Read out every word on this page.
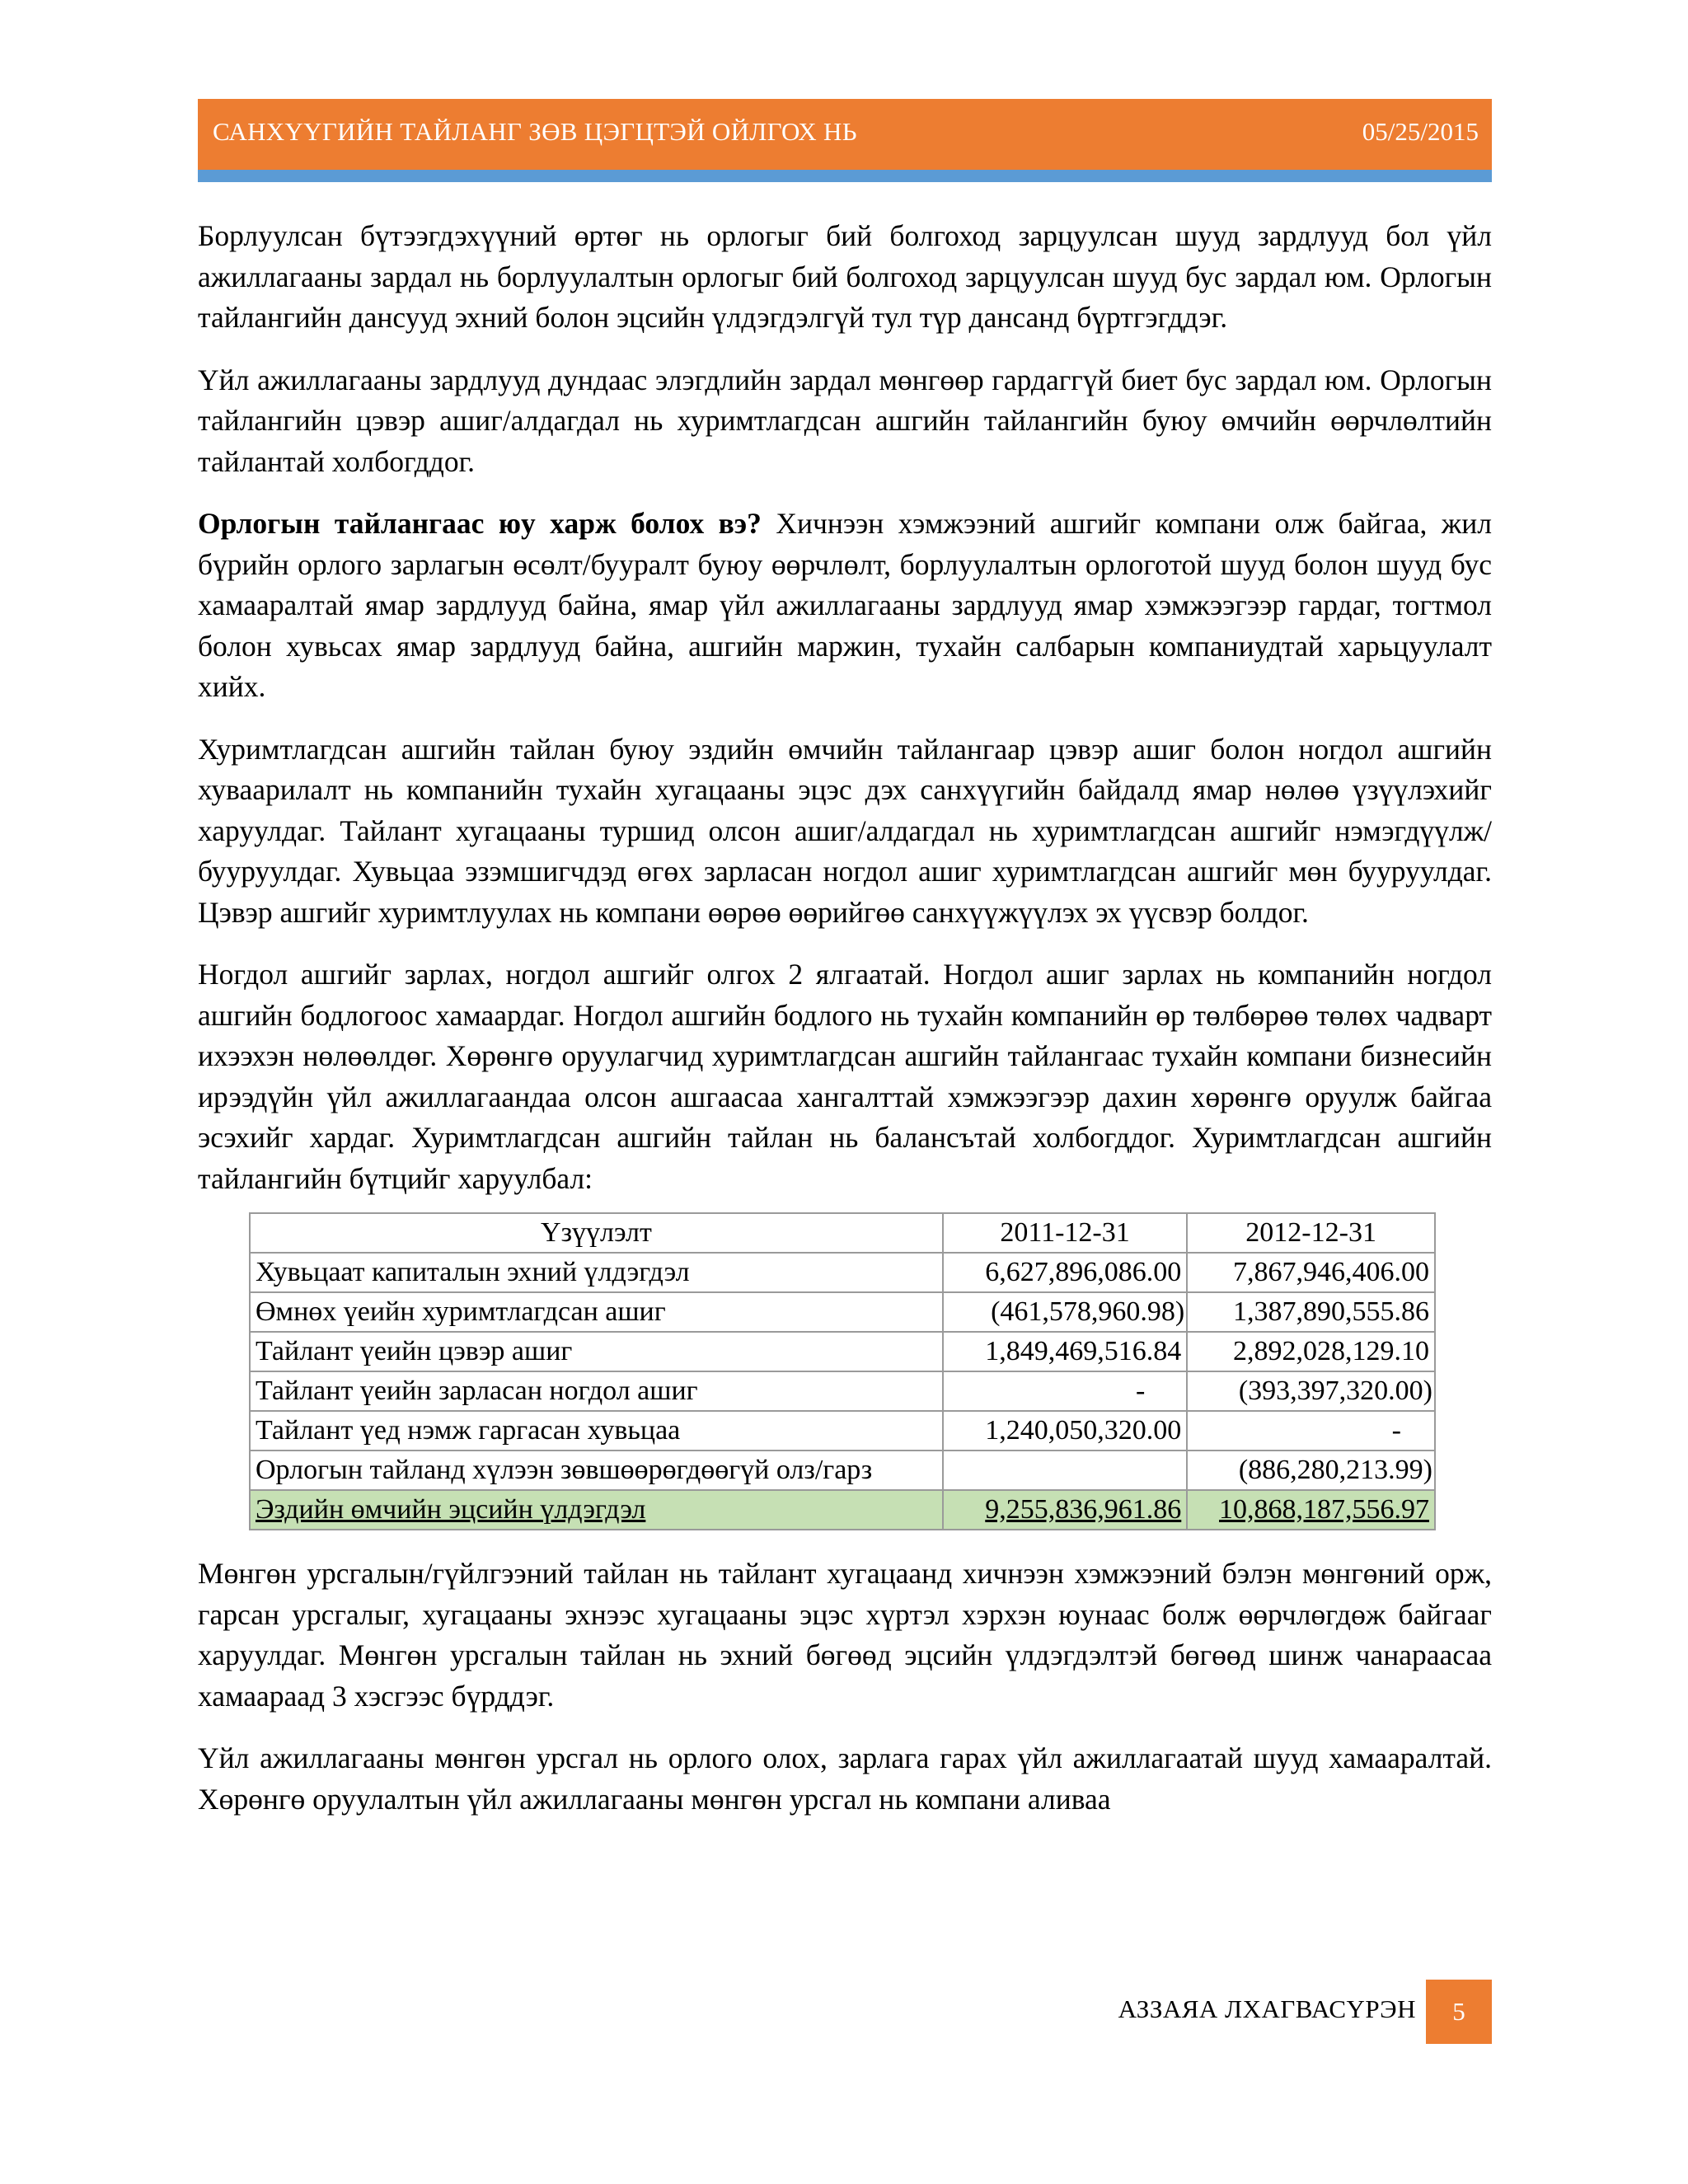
САНХҮҮГИЙН ТАЙЛАНГ ЗӨВ ЦЭГЦТЭЙ ОЙЛГОХ НЬ	05/25/2015

Борлуулсан бүтээгдэхүүний өртөг нь орлогыг бий болгоход зарцуулсан шууд зардлууд бол үйл ажиллагааны зардал нь борлуулалтын орлогыг бий болгоход зарцуулсан шууд бус зардал юм. Орлогын тайлангийн дансууд эхний болон эцсийн үлдэгдэлгүй тул түр дансанд бүртгэгддэг.

Үйл ажиллагааны зардлууд дундаас элэгдлийн зардал мөнгөөр гардаггүй биет бус зардал юм. Орлогын тайлангийн цэвэр ашиг/алдагдал нь хуримтлагдсан ашгийн тайлангийн буюу өмчийн өөрчлөлтийн тайлантай холбогддог.

Орлогын тайлангаас юу харж болох вэ? Хичнээн хэмжээний ашгийг компани олж байгаа, жил бүрийн орлого зарлагын өсөлт/бууралт буюу өөрчлөлт, борлуулалтын орлоготой шууд болон шууд бус хамааралтай ямар зардлууд байна, ямар үйл ажиллагааны зардлууд ямар хэмжээгээр гардаг, тогтмол болон хувьсах ямар зардлууд байна, ашгийн маржин, тухайн салбарын компаниудтай харьцуулалт хийх.

Хуримтлагдсан ашгийн тайлан буюу эздийн өмчийн тайлангаар цэвэр ашиг болон ногдол ашгийн хуваарилалт нь компанийн тухайн хугацааны эцэс дэх санхүүгийн байдалд ямар нөлөө үзүүлэхийг харуулдаг. Тайлант хугацааны туршид олсон ашиг/алдагдал нь хуримтлагдсан ашгийг нэмэгдүүлж/бууруулдаг. Хувьцаа эзэмшигчдэд өгөх зарласан ногдол ашиг хуримтлагдсан ашгийг мөн бууруулдаг. Цэвэр ашгийг хуримтлуулах нь компани өөрөө өөрийгөө санхүүжүүлэх эх үүсвэр болдог.

Ногдол ашгийг зарлах, ногдол ашгийг олгох 2 ялгаатай. Ногдол ашиг зарлах нь компанийн ногдол ашгийн бодлогоос хамаардаг. Ногдол ашгийн бодлого нь тухайн компанийн өр төлбөрөө төлөх чадварт ихээхэн нөлөөлдөг. Хөрөнгө оруулагчид хуримтлагдсан ашгийн тайлангаас тухайн компани бизнесийн ирээдүйн үйл ажиллагаандаа олсон ашгаасаа хангалттай хэмжээгээр дахин хөрөнгө оруулж байгаа эсэхийг хардаг. Хуримтлагдсан ашгийн тайлан нь балансътай холбогддог. Хуримтлагдсан ашгийн тайлангийн бүтцийг харуулбал:

Үзүүлэлт	2011-12-31	2012-12-31
Хувьцаат капиталын эхний үлдэгдэл	6,627,896,086.00	7,867,946,406.00
Өмнөх үеийн хуримтлагдсан ашиг	(461,578,960.98)	1,387,890,555.86
Тайлант үеийн цэвэр ашиг	1,849,469,516.84	2,892,028,129.10
Тайлант үеийн зарласан ногдол ашиг	-	(393,397,320.00)
Тайлант үед нэмж гаргасан хувьцаа	1,240,050,320.00	-
Орлогын тайланд хүлээн зөвшөөрөгдөөгүй олз/гарз		(886,280,213.99)
Эздийн өмчийн эцсийн үлдэгдэл	9,255,836,961.86	10,868,187,556.97

Мөнгөн урсгалын/гүйлгээний тайлан нь тайлант хугацаанд хичнээн хэмжээний бэлэн мөнгөний орж, гарсан урсгалыг, хугацааны эхнээс хугацааны эцэс хүртэл хэрхэн юунаас болж өөрчлөгдөж байгааг харуулдаг. Мөнгөн урсгалын тайлан нь эхний бөгөөд эцсийн үлдэгдэлтэй бөгөөд шинж чанараасаа хамаараад 3 хэсгээс бүрддэг.

Үйл ажиллагааны мөнгөн урсгал нь орлого олох, зарлага гарах үйл ажиллагаатай шууд хамааралтай. Хөрөнгө оруулалтын үйл ажиллагааны мөнгөн урсгал нь компани аливаа

АЗЗАЯА ЛХАГВАСҮРЭН	5
